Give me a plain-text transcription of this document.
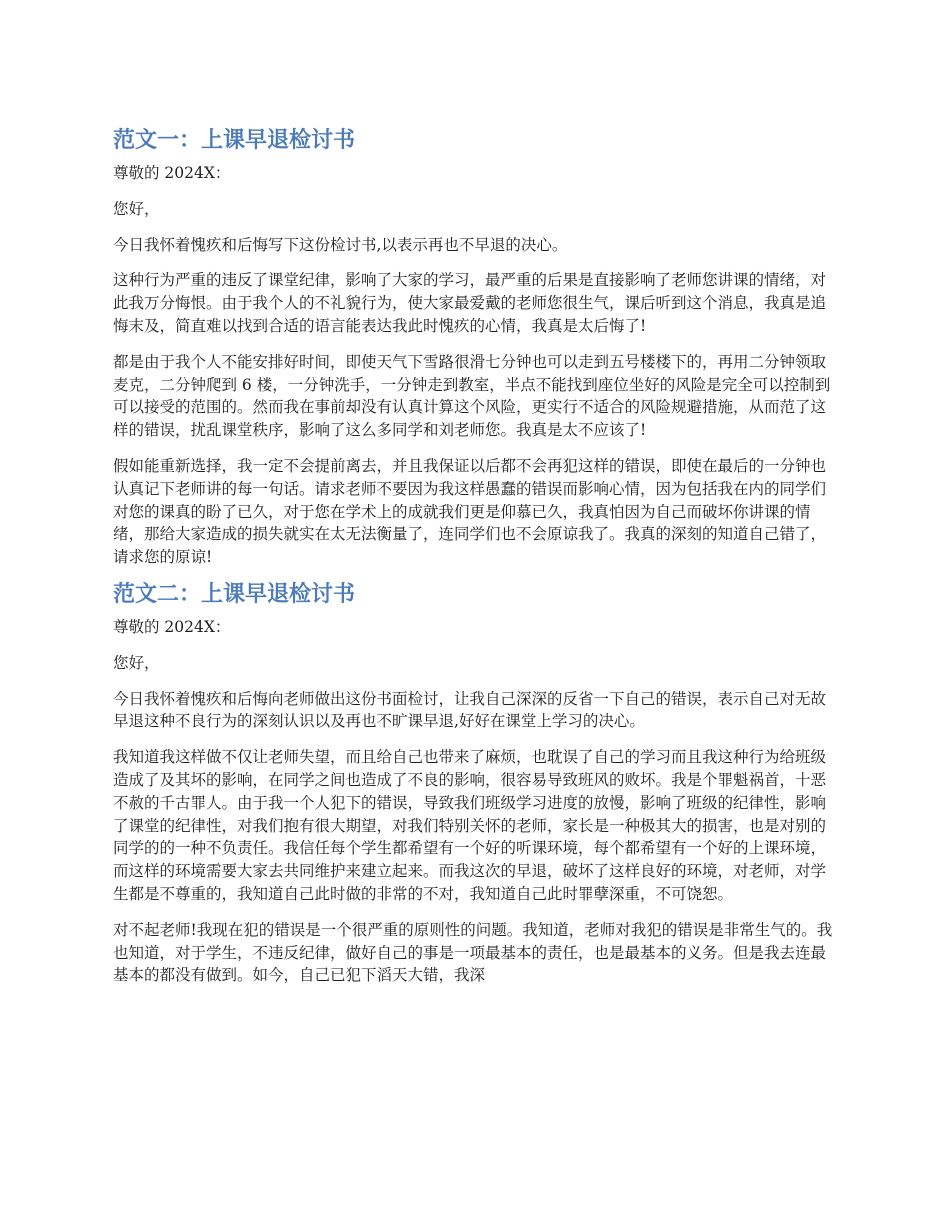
范文一：上课早退检讨书

尊敬的 2024X：

您好，

今日我怀着愧疚和后悔写下这份检讨书,以表示再也不早退的决心。

这种行为严重的违反了课堂纪律，影响了大家的学习，最严重的后果是直接影响了老师您讲课的情绪，对此我万分悔恨。由于我个人的不礼貌行为，使大家最爱戴的老师您很生气，课后听到这个消息，我真是追悔末及，简直难以找到合适的语言能表达我此时愧疚的心情，我真是太后悔了!

都是由于我个人不能安排好时间，即使天气下雪路很滑七分钟也可以走到五号楼楼下的，再用二分钟领取麦克，二分钟爬到 6 楼，一分钟洗手，一分钟走到教室，半点不能找到座位坐好的风险是完全可以控制到可以接受的范围的。然而我在事前却没有认真计算这个风险，更实行不适合的风险规避措施，从而范了这样的错误，扰乱课堂秩序，影响了这么多同学和刘老师您。我真是太不应该了!

假如能重新选择，我一定不会提前离去，并且我保证以后都不会再犯这样的错误，即使在最后的一分钟也认真记下老师讲的每一句话。请求老师不要因为我这样愚蠢的错误而影响心情，因为包括我在内的同学们对您的课真的盼了已久，对于您在学术上的成就我们更是仰慕已久，我真怕因为自己而破坏你讲课的情绪，那给大家造成的损失就实在太无法衡量了，连同学们也不会原谅我了。我真的深刻的知道自己错了，请求您的原谅!

范文二：上课早退检讨书

尊敬的 2024X：

您好，

今日我怀着愧疚和后悔向老师做出这份书面检讨，让我自己深深的反省一下自己的错误，表示自己对无故早退这种不良行为的深刻认识以及再也不旷课早退,好好在课堂上学习的决心。

我知道我这样做不仅让老师失望，而且给自己也带来了麻烦，也耽误了自己的学习而且我这种行为给班级造成了及其坏的影响，在同学之间也造成了不良的影响，很容易导致班风的败坏。我是个罪魁祸首，十恶不赦的千古罪人。由于我一个人犯下的错误，导致我们班级学习进度的放慢，影响了班级的纪律性，影响了课堂的纪律性，对我们抱有很大期望，对我们特别关怀的老师，家长是一种极其大的损害，也是对别的同学的的一种不负责任。我信任每个学生都希望有一个好的听课环境，每个都希望有一个好的上课环境，而这样的环境需要大家去共同维护来建立起来。而我这次的早退，破坏了这样良好的环境，对老师，对学生都是不尊重的，我知道自己此时做的非常的不对，我知道自己此时罪孽深重，不可饶恕。

对不起老师!我现在犯的错误是一个很严重的原则性的问题。我知道，老师对我犯的错误是非常生气的。我也知道，对于学生，不违反纪律，做好自己的事是一项最基本的责任，也是最基本的义务。但是我去连最基本的都没有做到。如今，自己已犯下滔天大错，我深
